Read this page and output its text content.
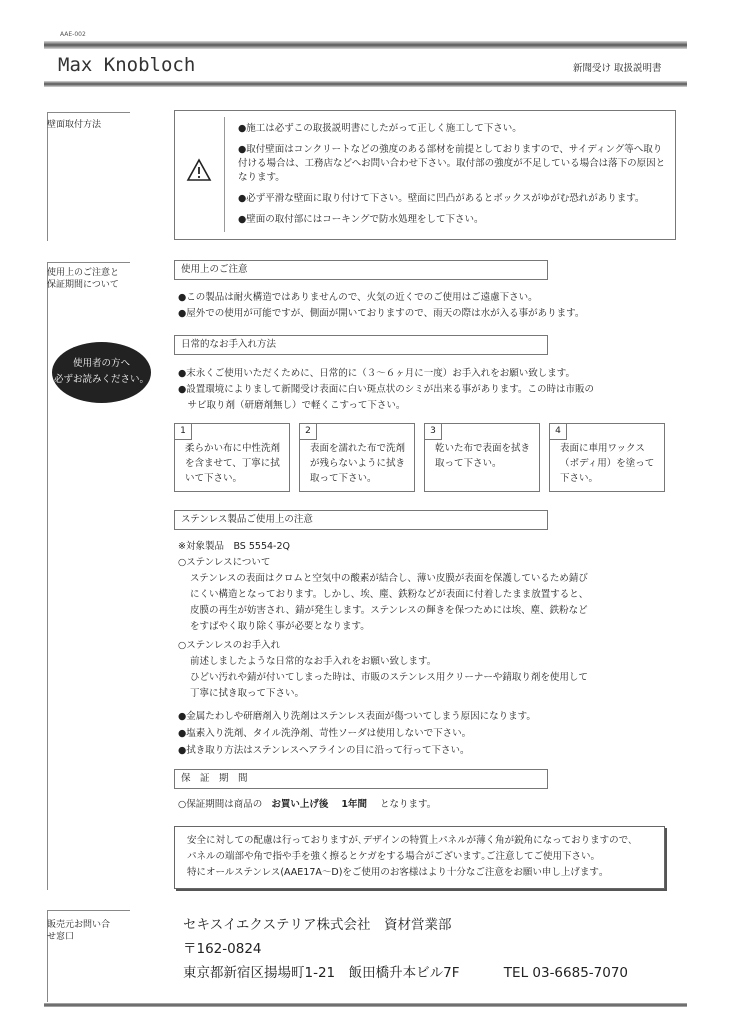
AAE-002
Max Knobloch	新聞受け 取扱説明書
壁面取付方法	●施工は必ずこの取扱説明書にしたがって正しく施工して下さい。

●取付壁面はコンクリートなどの強度のある部材を前提としておりますので、サイディング等へ取り付ける場合は、工務店などへお問い合わせ下さい。取付部の強度が不足している場合は落下の原因となります。

●必ず平滑な壁面に取り付けて下さい。壁面に凹凸があるとボックスがゆがむ恐れがあります。

●壁面の取付部にはコーキングで防水処理をして下さい。

使用上のご注意と保証期間について
使用者の方へ
必ずお読みください。
使用上のご注意
●この製品は耐火構造ではありませんので、火気の近くでのご使用はご遠慮下さい。
●屋外での使用が可能ですが、側面が開いておりますので、雨天の際は水が入る事があります。
日常的なお手入れ方法
●末永くご使用いただくために、日常的に（３～６ヶ月に一度）お手入れをお願い致します。
●設置環境によりまして新聞受け表面に白い斑点状のシミが出来る事があります。この時は市販の
　サビ取り剤（研磨剤無し）で軽くこすって下さい。
1
柔らかい布に中性洗剤を含ませて、丁寧に拭いて下さい。
2
表面を濡れた布で洗剤が残らないように拭き取って下さい。
3
乾いた布で表面を拭き取って下さい。
4
表面に車用ワックス（ボディ用）を塗って下さい。
ステンレス製品ご使用上の注意
※対象製品　BS 5554-2Q
○ステンレスについて
ステンレスの表面はクロムと空気中の酸素が結合し、薄い皮膜が表面を保護しているため錆び
にくい構造となっております。しかし、埃、塵、鉄粉などが表面に付着したまま放置すると、
皮膜の再生が妨害され、錆が発生します。ステンレスの輝きを保つためには埃、塵、鉄粉など
をすばやく取り除く事が必要となります。
○ステンレスのお手入れ
前述しましたような日常的なお手入れをお願い致します。
ひどい汚れや錆が付いてしまった時は、市販のステンレス用クリーナーや錆取り剤を使用して
丁寧に拭き取って下さい。
●金属たわしや研磨剤入り洗剤はステンレス表面が傷ついてしまう原因になります。
●塩素入り洗剤、タイル洗浄剤、苛性ソーダは使用しないで下さい。
●拭き取り方法はステンレスヘアラインの目に沿って行って下さい。
保　証　期　間
○保証期間は商品の お買い上げ後 1年間 となります。
安全に対しての配慮は行っておりますが､デザインの特質上パネルが薄く角が鋭角になっておりますので､
パネルの端部や角で指や手を強く擦るとケガをする場合がございます｡ご注意してご使用下さい｡
特にオールステンレス(AAE17A～D)をご使用のお客様はより十分なご注意をお願い申し上げます｡
販売元お問い合せ窓口
セキスイエクステリア株式会社　資材営業部
〒162-0824
東京都新宿区揚場町1-21　飯田橋升本ビル7F	TEL 03-6685-7070
